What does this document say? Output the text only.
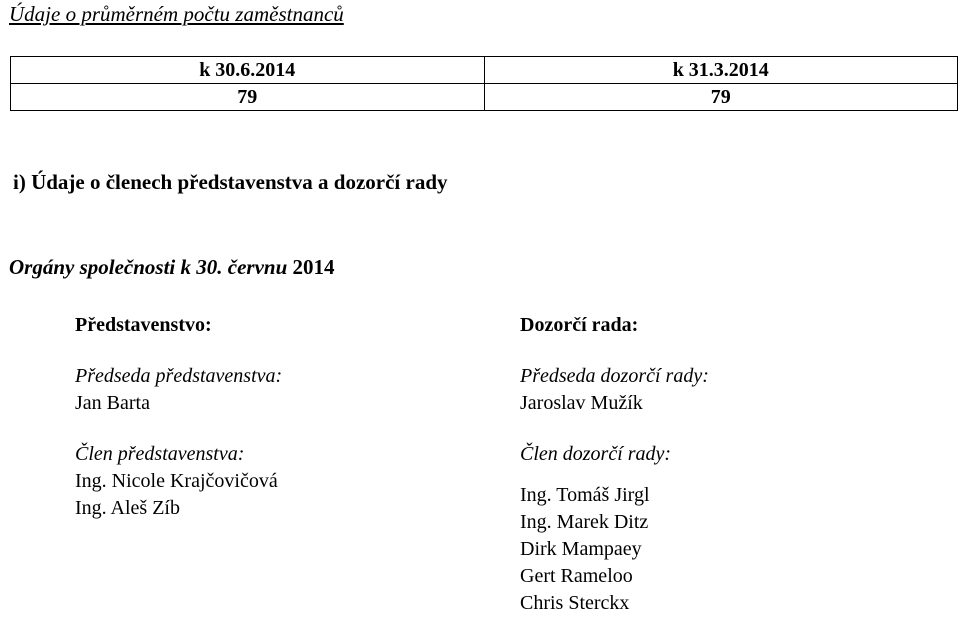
Údaje o průměrném počtu zaměstnanců
k 30.6.2014	k 31.3.2014
79	79
i) Údaje o členech představenstva a dozorčí rady
Orgány společnosti k 30. červnu 2014
Představenstvo:
Předseda představenstva:
Jan Barta
Člen představenstva:
Ing. Nicole Krajčovičová
Ing. Aleš Zíb
Dozorčí rada:
Předseda dozorčí rady:
Jaroslav Mužík
Člen dozorčí rady:
Ing. Tomáš Jirgl
Ing. Marek Ditz
Dirk Mampaey
Gert Rameloo
Chris Sterckx
